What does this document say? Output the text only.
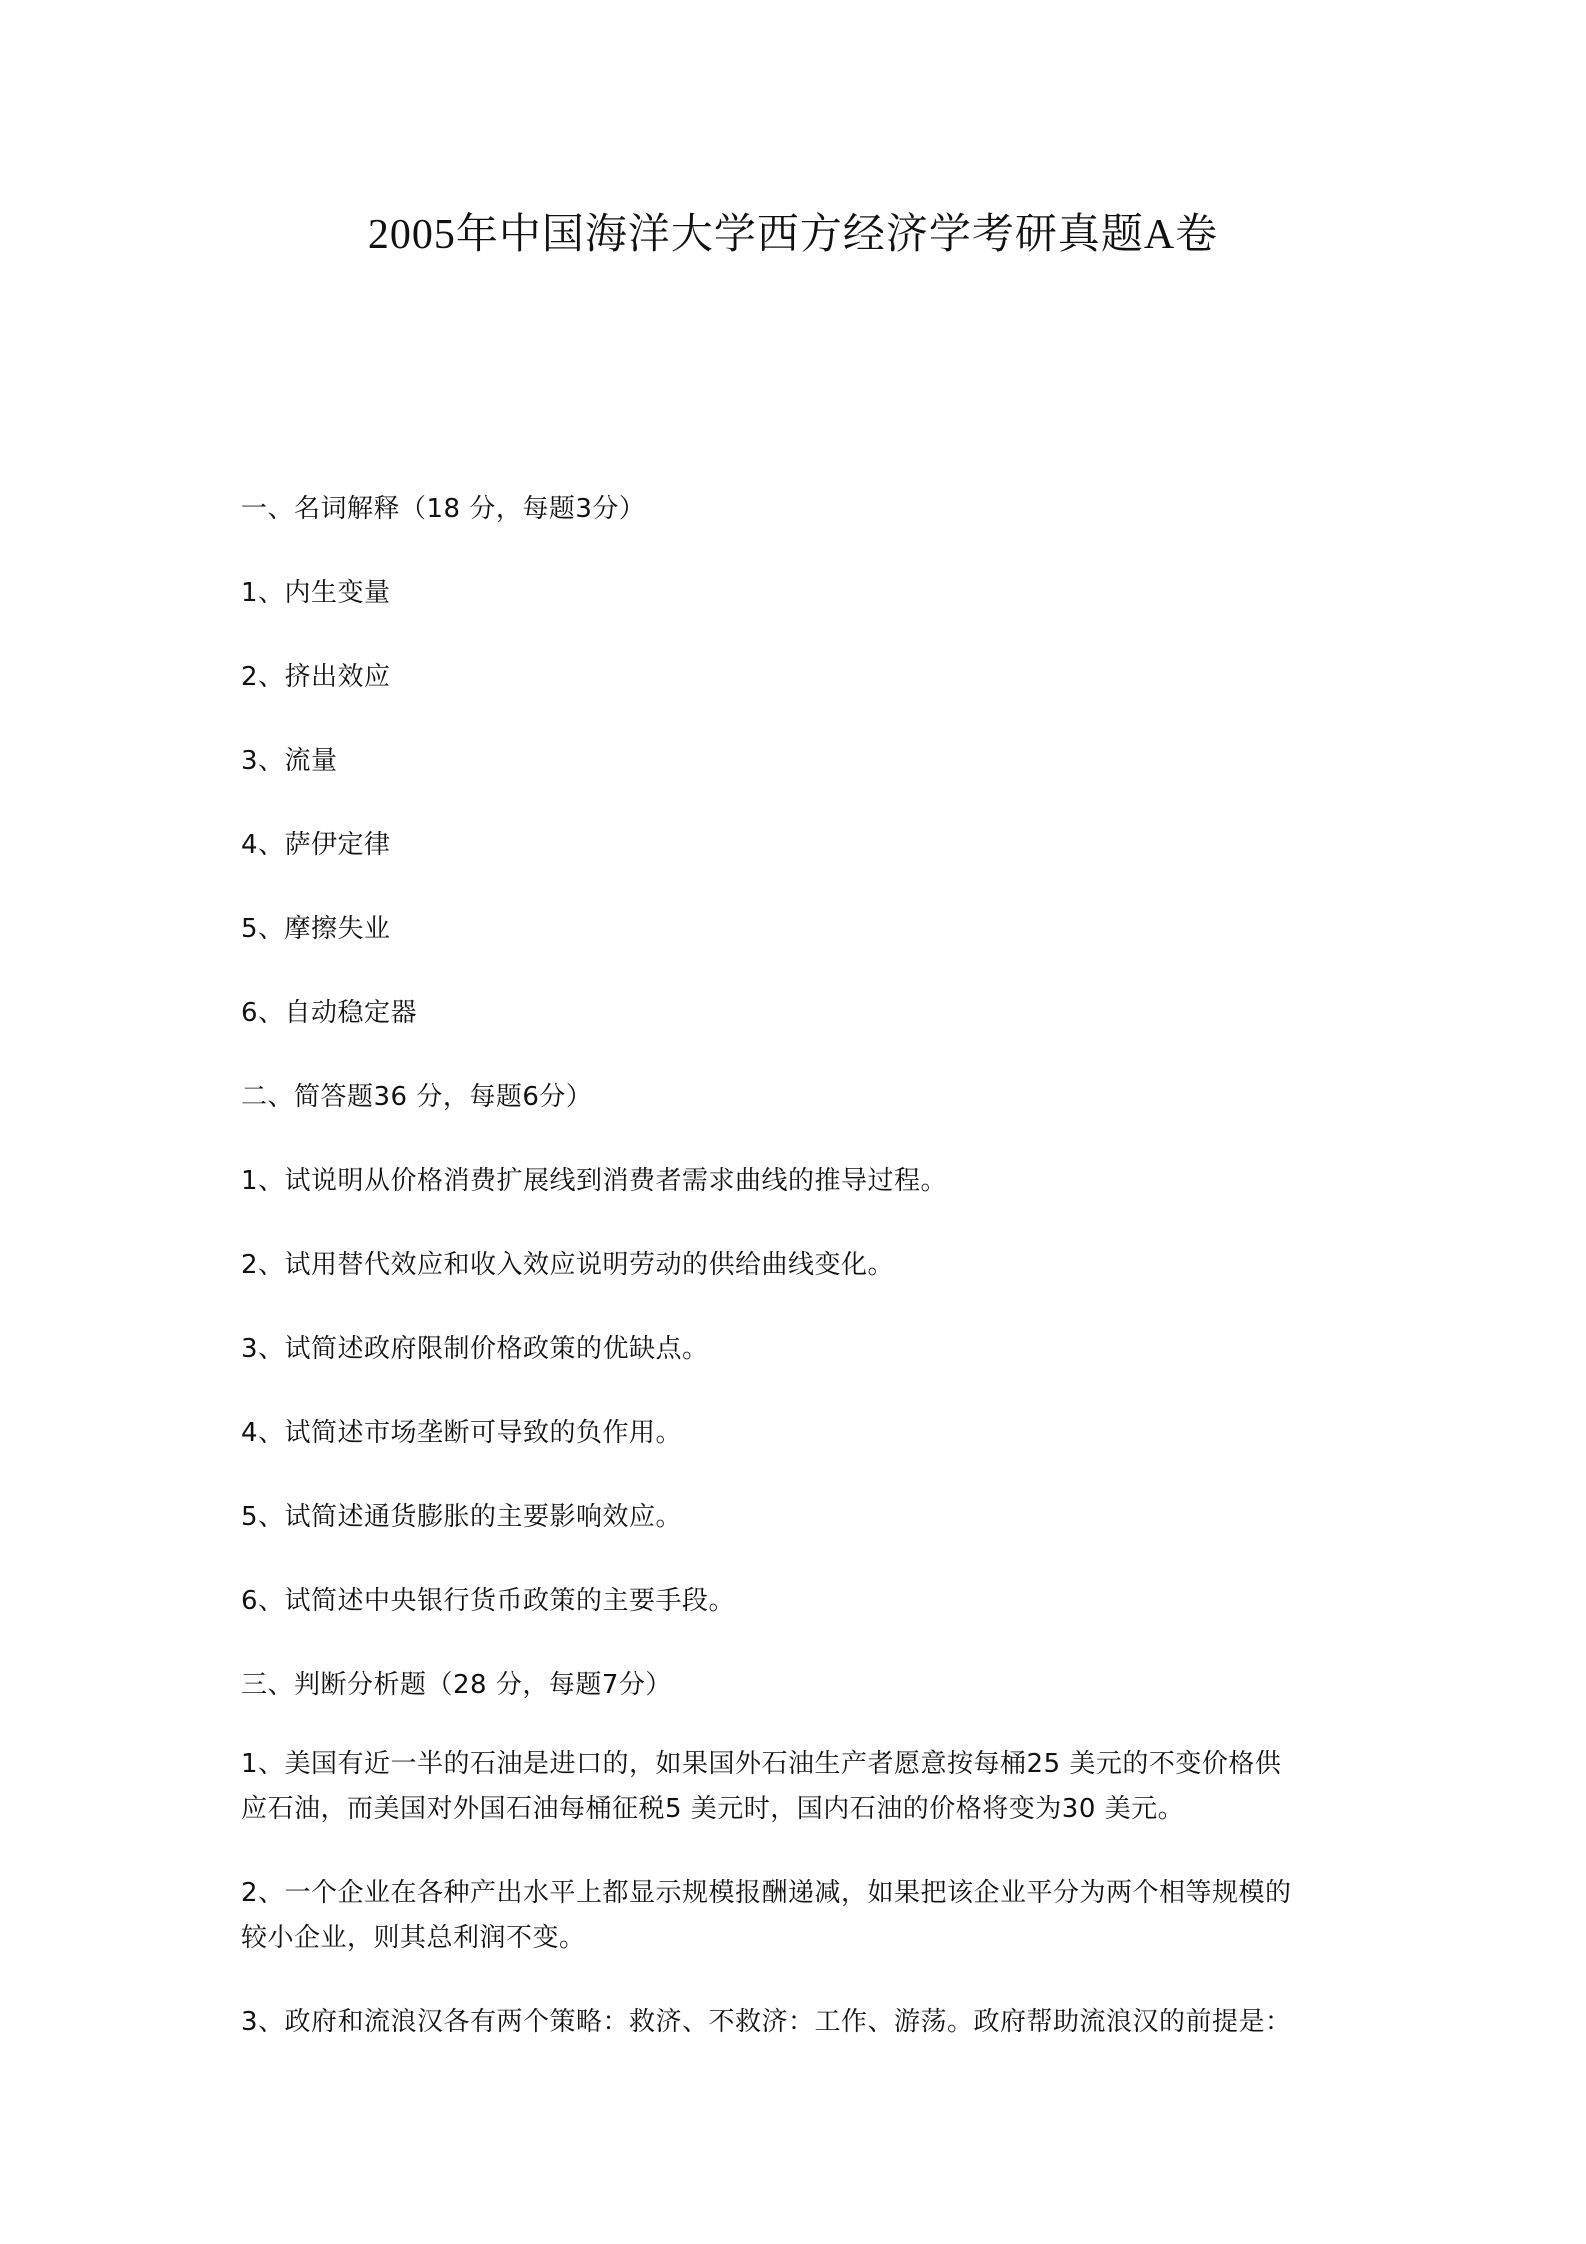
2005年中国海洋大学西方经济学考研真题A卷

一、名词解释（18 分，每题3分）

1、内生变量

2、挤出效应

3、流量

4、萨伊定律

5、摩擦失业

6、自动稳定器

二、简答题36 分，每题6分）

1、试说明从价格消费扩展线到消费者需求曲线的推导过程。

2、试用替代效应和收入效应说明劳动的供给曲线变化。

3、试简述政府限制价格政策的优缺点。

4、试简述市场垄断可导致的负作用。

5、试简述通货膨胀的主要影响效应。

6、试简述中央银行货币政策的主要手段。

三、判断分析题（28 分，每题7分）

1、美国有近一半的石油是进口的，如果国外石油生产者愿意按每桶25 美元的不变价格供
应石油，而美国对外国石油每桶征税5 美元时，国内石油的价格将变为30 美元。

2、一个企业在各种产出水平上都显示规模报酬递减，如果把该企业平分为两个相等规模的
较小企业，则其总利润不变。

3、政府和流浪汉各有两个策略：救济、不救济：工作、游荡。政府帮助流浪汉的前提是：
